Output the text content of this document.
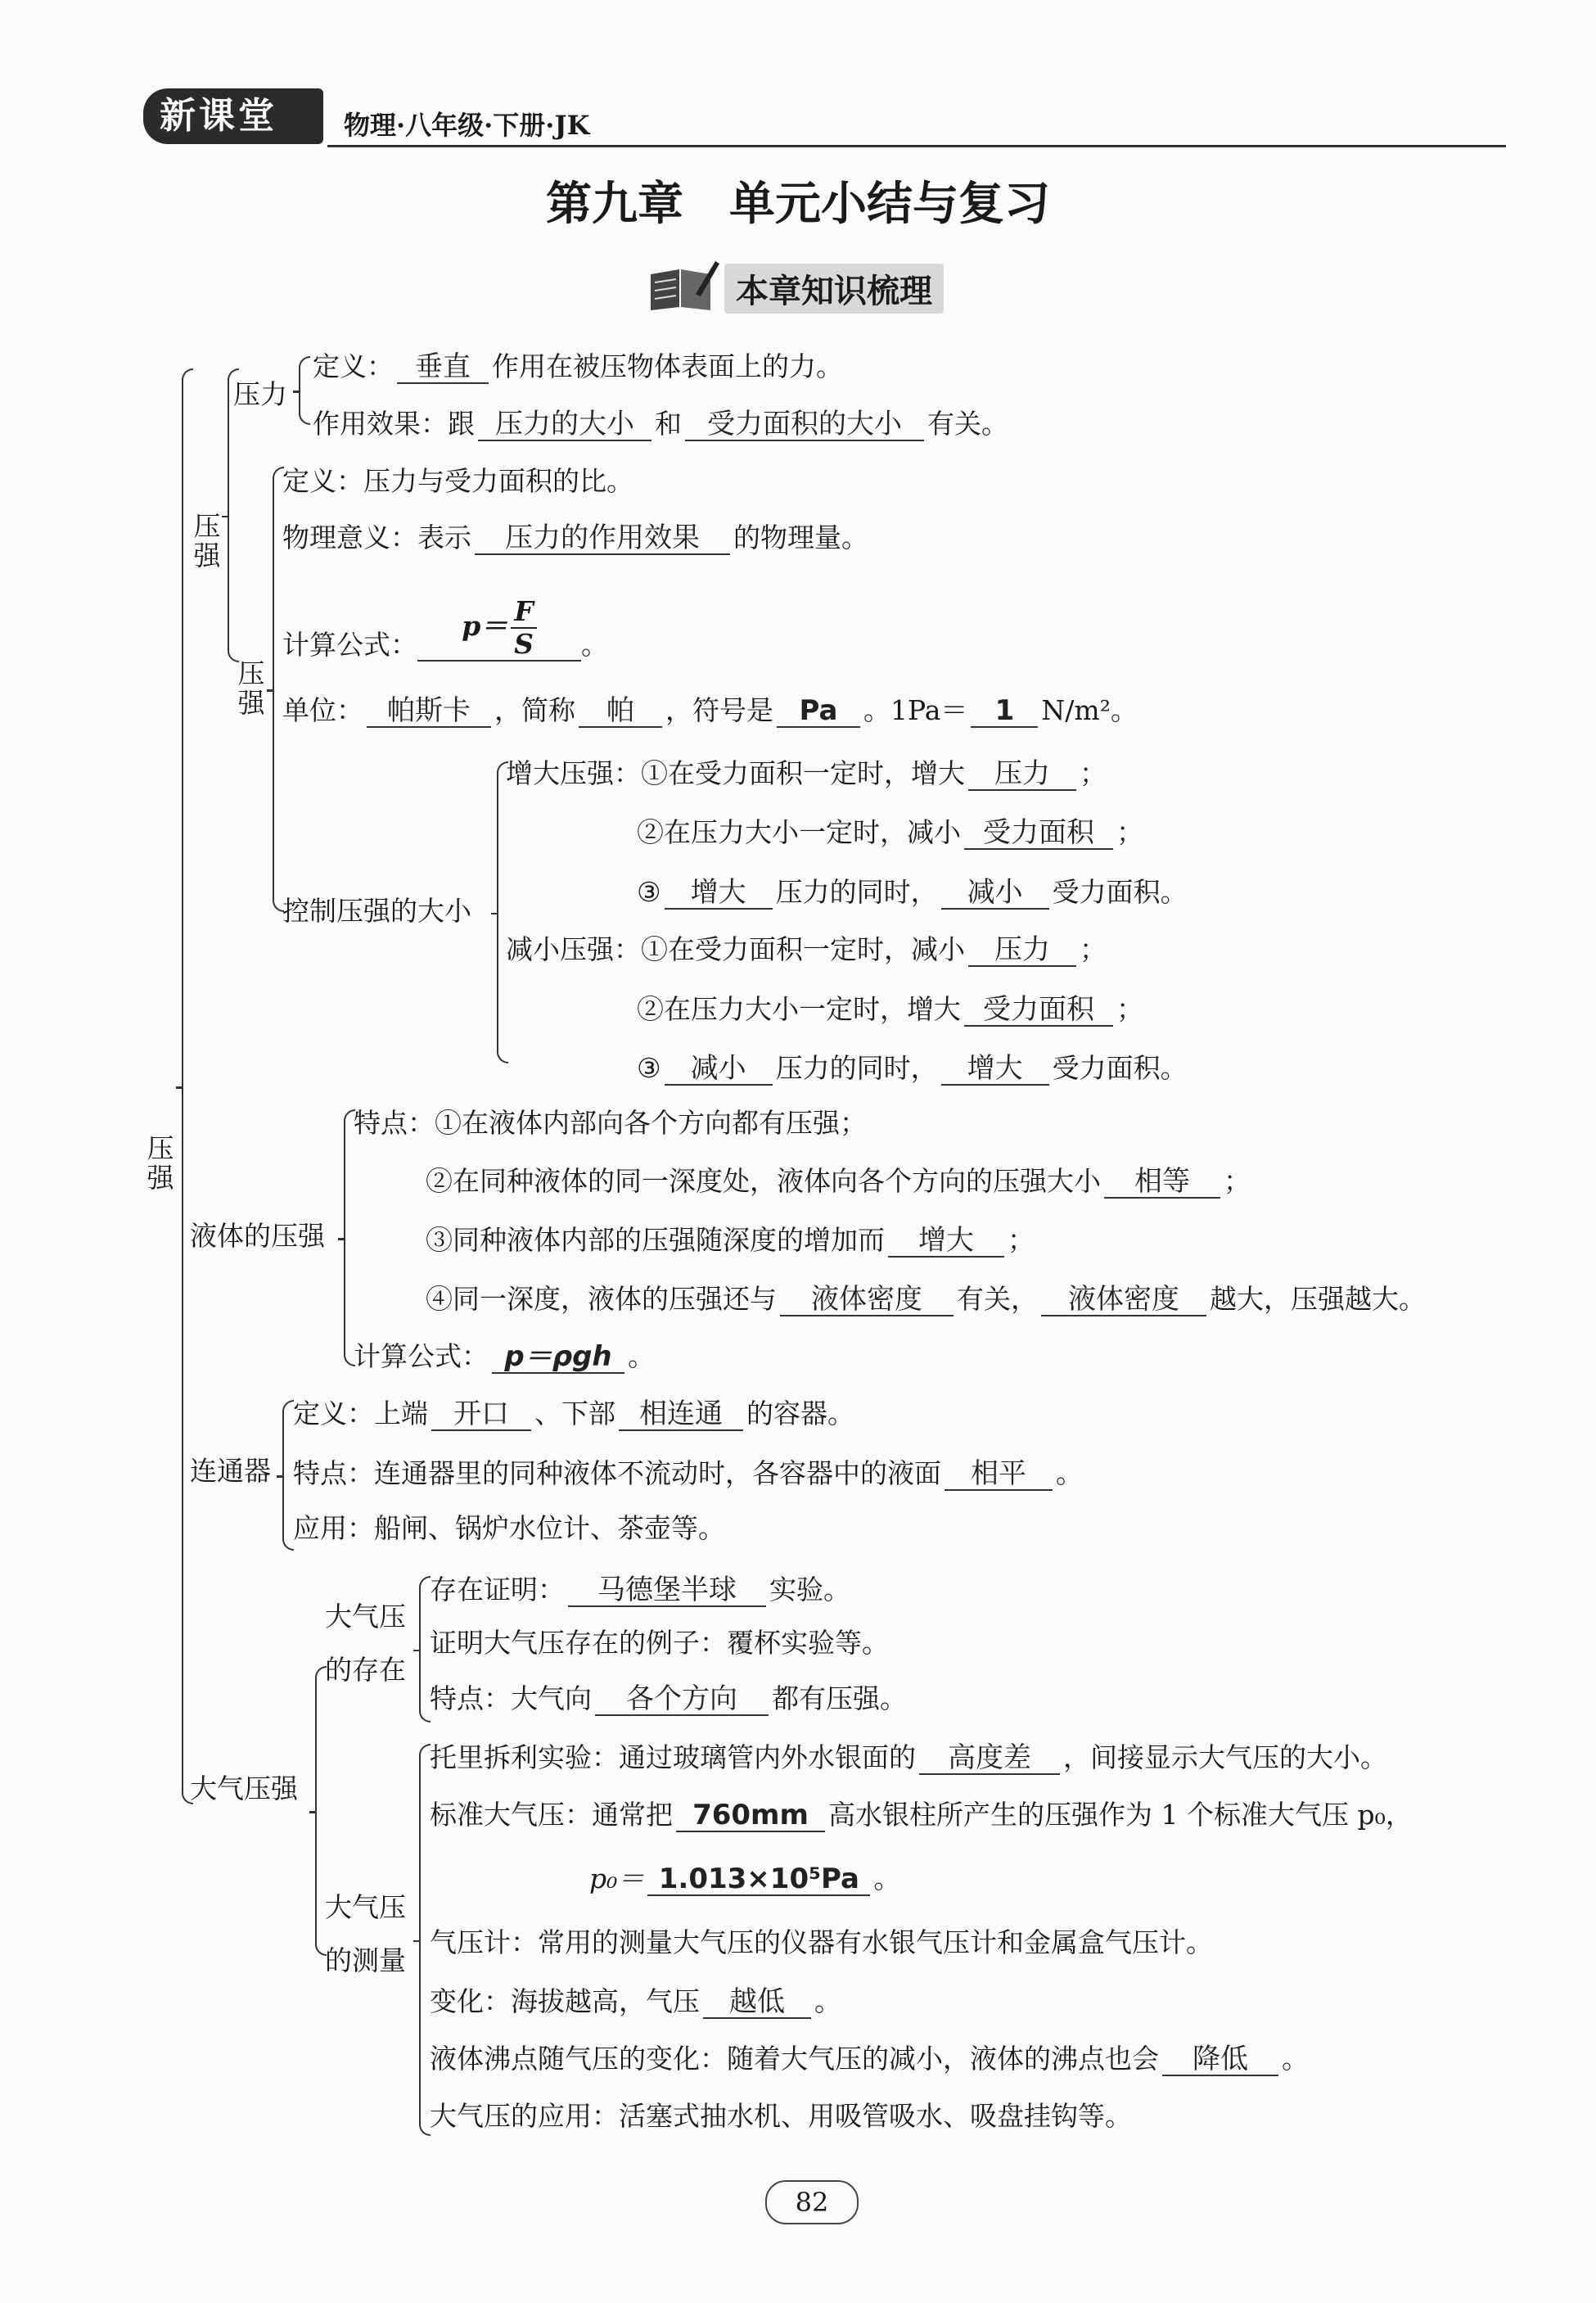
新课堂	物理·八年级·下册·JK
第九章　单元小结与复习
本章知识梳理
压强
压力
压强
定义： 垂直 作用在被压物体表面上的力。
作用效果：跟 压力的大小 和 受力面积的大小 有关。
压强
定义：压力与受力面积的比。
物理意义：表示 压力的作用效果 的物理量。
计算公式：$p= \frac{F}{S}$ 。
单位： 帕斯卡 ，简称 帕 ，符号是 Pa 。1Pa＝ 1 N/m²。
控制压强的大小
增大压强：①在受力面积一定时，增大 压力 ；
②在压力大小一定时，减小 受力面积 ；
③ 增大 压力的同时， 减小 受力面积。
减小压强：①在受力面积一定时，减小 压力 ；
②在压力大小一定时，增大 受力面积 ；
③ 减小 压力的同时， 增大 受力面积。
液体的压强
特点：①在液体内部向各个方向都有压强；
②在同种液体的同一深度处，液体向各个方向的压强大小 相等 ；
③同种液体内部的压强随深度的增加而 增大 ；
④同一深度，液体的压强还与 液体密度 有关， 液体密度 越大，压强越大。
计算公式： p＝ρgh 。
连通器
定义：上端 开口 、下部 相连通 的容器。
特点：连通器里的同种液体不流动时，各容器中的液面 相平 。
应用：船闸、锅炉水位计、茶壶等。
大气压强
大气压
的存在
存在证明： 马德堡半球 实验。
证明大气压存在的例子：覆杯实验等。
特点：大气向 各个方向 都有压强。
大气压
的测量
托里拆利实验：通过玻璃管内外水银面的 高度差 ，间接显示大气压的大小。
标准大气压：通常把 760mm 高水银柱所产生的压强作为 1 个标准大气压 p₀，
p₀＝ 1.013×10⁵Pa 。
气压计：常用的测量大气压的仪器有水银气压计和金属盒气压计。
变化：海拔越高，气压 越低 。
液体沸点随气压的变化：随着大气压的减小，液体的沸点也会 降低 。
大气压的应用：活塞式抽水机、用吸管吸水、吸盘挂钩等。
82
